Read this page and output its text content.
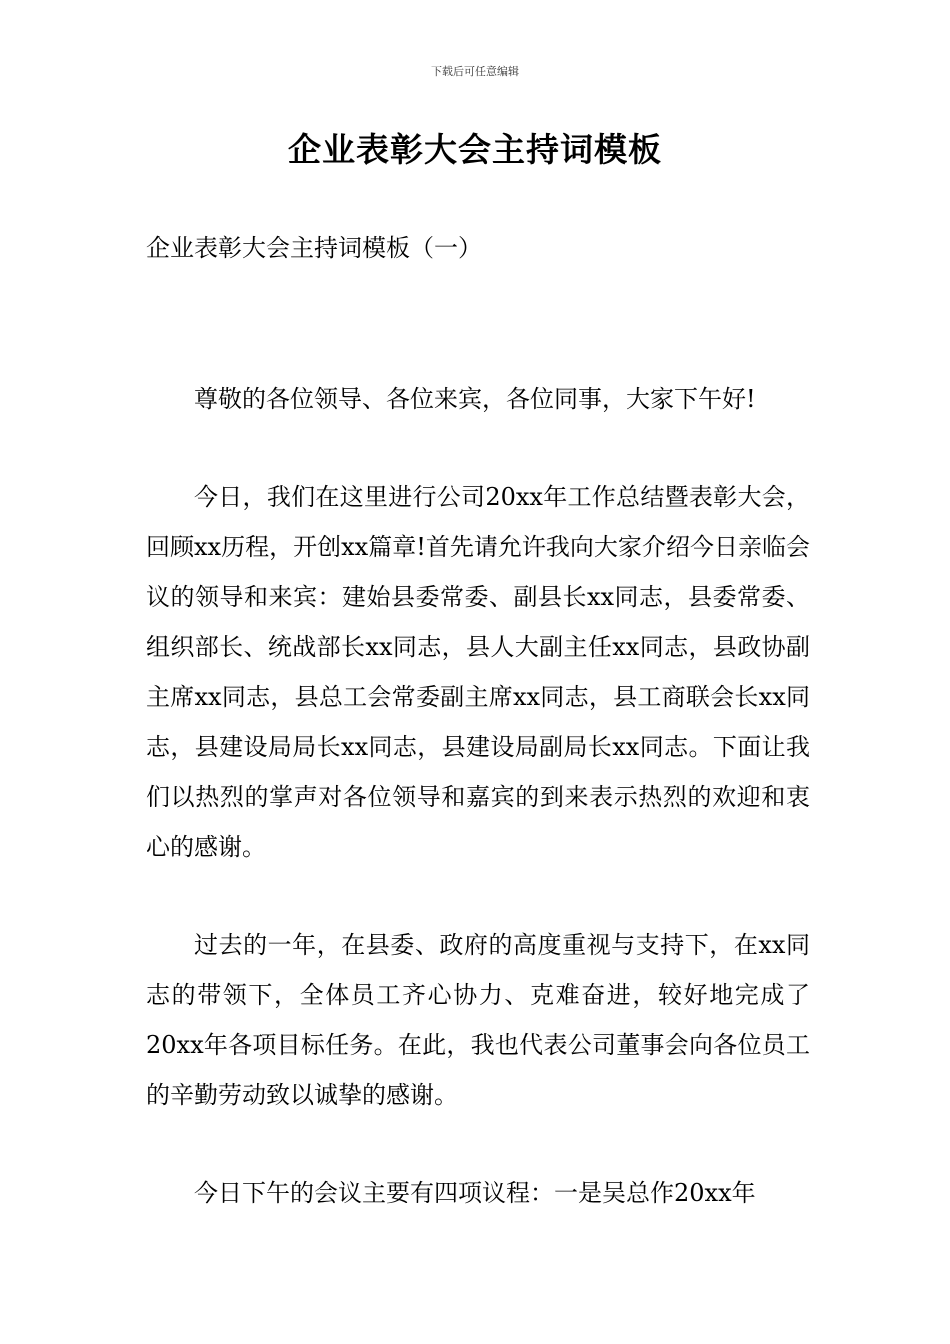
下载后可任意编辑
企业表彰大会主持词模板
企业表彰大会主持词模板（一）

尊敬的各位领导、各位来宾，各位同事，大家下午好!

今日，我们在这里进行公司20xx年工作总结暨表彰大会，回顾xx历程，开创xx篇章!首先请允许我向大家介绍今日亲临会议的领导和来宾：建始县委常委、副县长xx同志，县委常委、组织部长、统战部长xx同志，县人大副主任xx同志，县政协副主席xx同志，县总工会常委副主席xx同志，县工商联会长xx同志，县建设局局长xx同志，县建设局副局长xx同志。下面让我们以热烈的掌声对各位领导和嘉宾的到来表示热烈的欢迎和衷心的感谢。

过去的一年，在县委、政府的高度重视与支持下，在xx同志的带领下，全体员工齐心协力、克难奋进，较好地完成了20xx年各项目标任务。在此，我也代表公司董事会向各位员工的辛勤劳动致以诚挚的感谢。

今日下午的会议主要有四项议程：一是吴总作20xx年
